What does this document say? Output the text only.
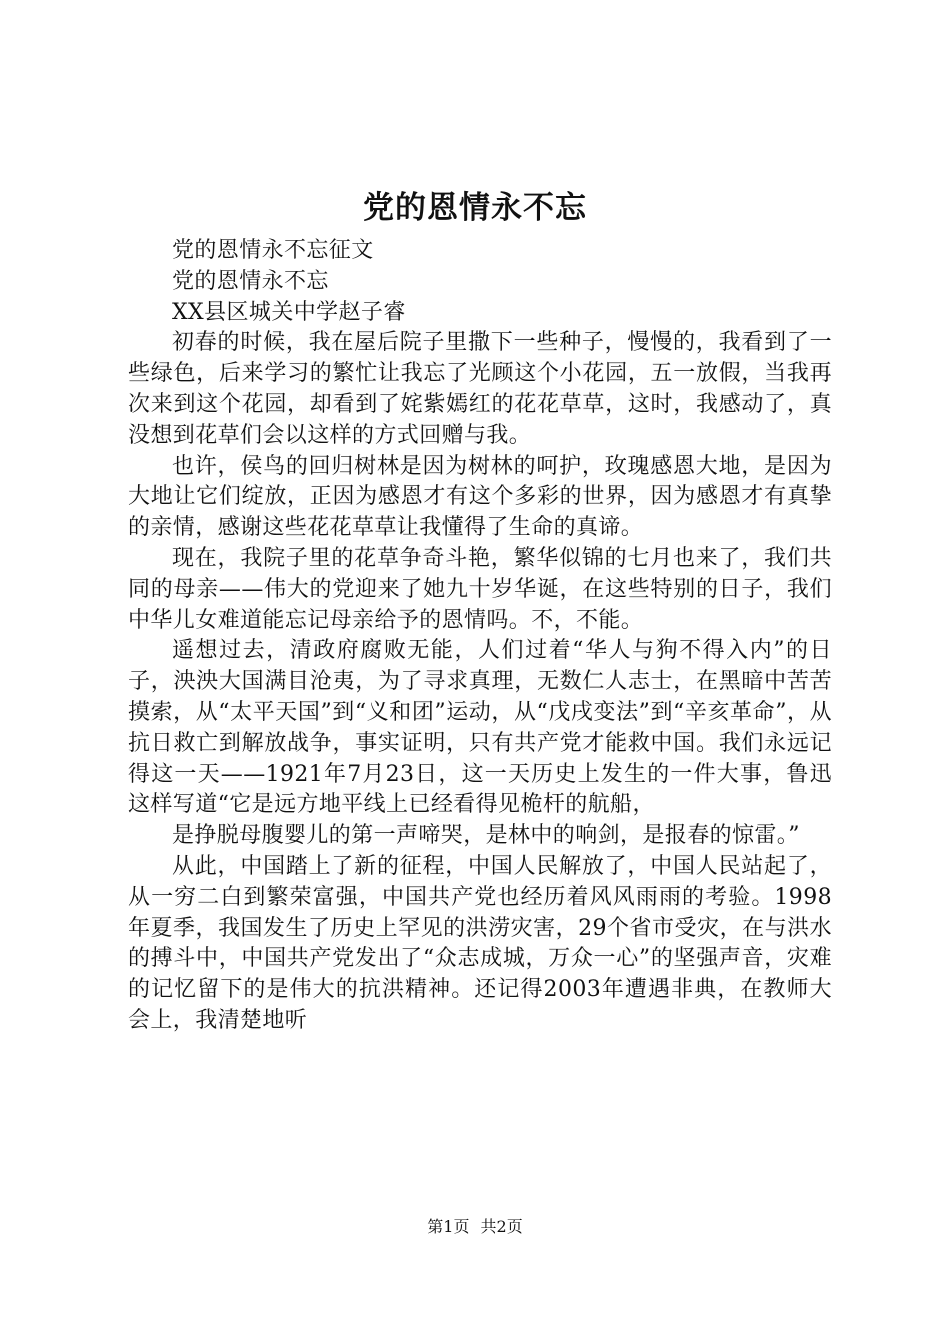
党的恩情永不忘

党的恩情永不忘征文

党的恩情永不忘

XX县区城关中学赵子睿

初春的时候，我在屋后院子里撒下一些种子，慢慢的，我看到了一些绿色，后来学习的繁忙让我忘了光顾这个小花园，五一放假，当我再次来到这个花园，却看到了姹紫嫣红的花花草草，这时，我感动了，真没想到花草们会以这样的方式回赠与我。

也许，侯鸟的回归树林是因为树林的呵护，玫瑰感恩大地，是因为大地让它们绽放，正因为感恩才有这个多彩的世界，因为感恩才有真挚的亲情，感谢这些花花草草让我懂得了生命的真谛。

现在，我院子里的花草争奇斗艳，繁华似锦的七月也来了，我们共同的母亲——伟大的党迎来了她九十岁华诞，在这些特别的日子，我们中华儿女难道能忘记母亲给予的恩情吗。不，不能。

遥想过去，清政府腐败无能，人们过着“华人与狗不得入内”的日子，泱泱大国满目沧夷，为了寻求真理，无数仁人志士，在黑暗中苦苦摸索，从“太平天国”到“义和团”运动，从“戊戌变法”到“辛亥革命”，从抗日救亡到解放战争，事实证明，只有共产党才能救中国。我们永远记得这一天——1921年7月23日，这一天历史上发生的一件大事，鲁迅这样写道“它是远方地平线上已经看得见桅杆的航船，

是挣脱母腹婴儿的第一声啼哭，是林中的响剑，是报春的惊雷。”

从此，中国踏上了新的征程，中国人民解放了，中国人民站起了，从一穷二白到繁荣富强，中国共产党也经历着风风雨雨的考验。1998年夏季，我国发生了历史上罕见的洪涝灾害，29个省市受灾，在与洪水的搏斗中，中国共产党发出了“众志成城，万众一心”的坚强声音，灾难的记忆留下的是伟大的抗洪精神。还记得2003年遭遇非典，在教师大会上，我清楚地听

第1页 共2页
